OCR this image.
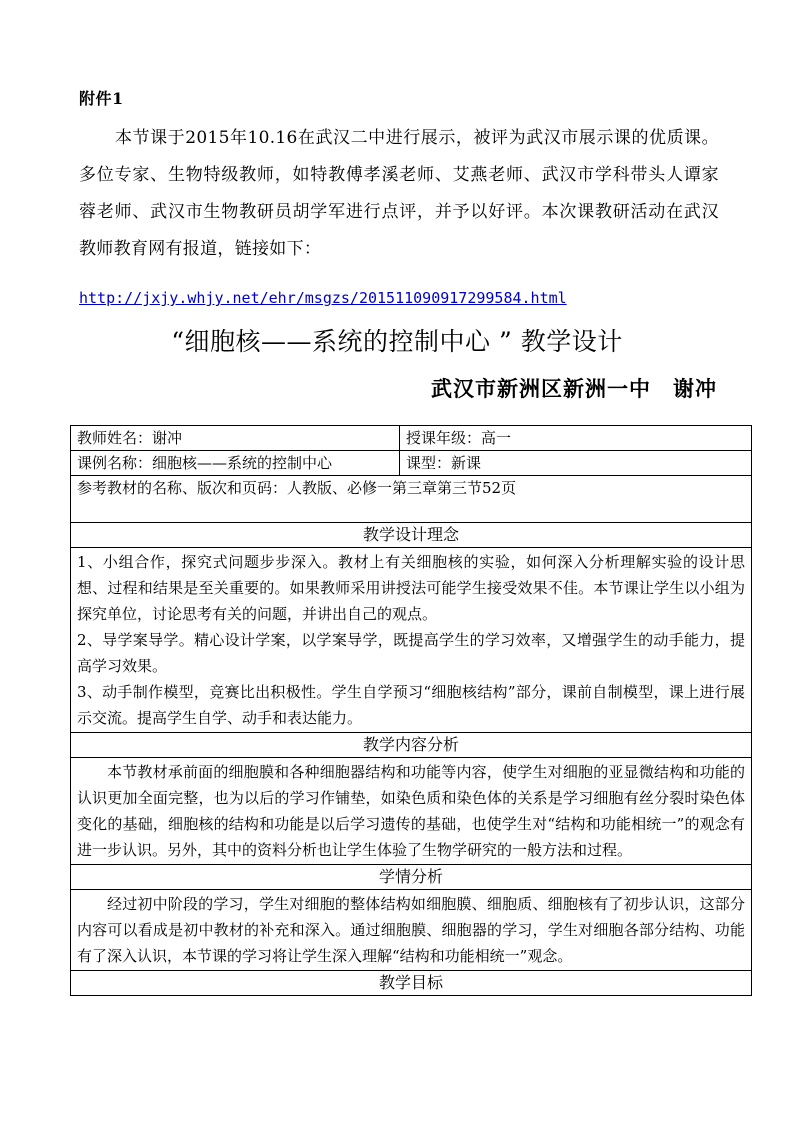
附件1
本节课于2015年10.16在武汉二中进行展示，被评为武汉市展示课的优质课。多位专家、生物特级教师，如特教傅孝溪老师、艾燕老师、武汉市学科带头人谭家蓉老师、武汉市生物教研员胡学军进行点评，并予以好评。本次课教研活动在武汉教师教育网有报道，链接如下：
http://jxjy.whjy.net/ehr/msgzs/20151109091729958​4.html
“细胞核——系统的控制中心 ” 教学设计
武汉市新洲区新洲一中 谢冲
教师姓名：谢冲	授课年级：高一
课例名称：细胞核——系统的控制中心	课型：新课
参考教材的名称、版次和页码：人教版、必修一第三章第三节52页	
教学设计理念	

1、小组合作，探究式问题步步深入。教材上有关细胞核的实验，如何深入分析理解实验的设计思想、过程和结果是至关重要的。如果教师采用讲授法可能学生接受效果不佳。本节课让学生以小组为探究单位，讨论思考有关的问题，并讲出自己的观点。
2、导学案导学。精心设计学案，以学案导学，既提高学生的学习效率，又增强学生的动手能力，提高学习效果。
3、动手制作模型，竞赛比出积极性。学生自学预习“细胞核结构”部分，课前自制模型，课上进行展示交流。提高学生自学、动手和表达能力。	

教学内容分析	

本节教材承前面的细胞膜和各种细胞器结构和功能等内容，使学生对细胞的亚显微结构和功能的认识更加全面完整，也为以后的学习作铺垫，如染色质和染色体的关系是学习细胞有丝分裂时染色体变化的基础，细胞核的结构和功能是以后学习遗传的基础，也使学生对“结构和功能相统一”的观念有进一步认识。另外，其中的资料分析也让学生体验了生物学研究的一般方法和过程。	

学情分析	

经过初中阶段的学习，学生对细胞的整体结构如细胞膜、细胞质、细胞核有了初步认识，这部分内容可以看成是初中教材的补充和深入。通过细胞膜、细胞器的学习，学生对细胞各部分结构、功能有了深入认识，本节课的学习将让学生深入理解“结构和功能相统一”观念。	

教学目标	
